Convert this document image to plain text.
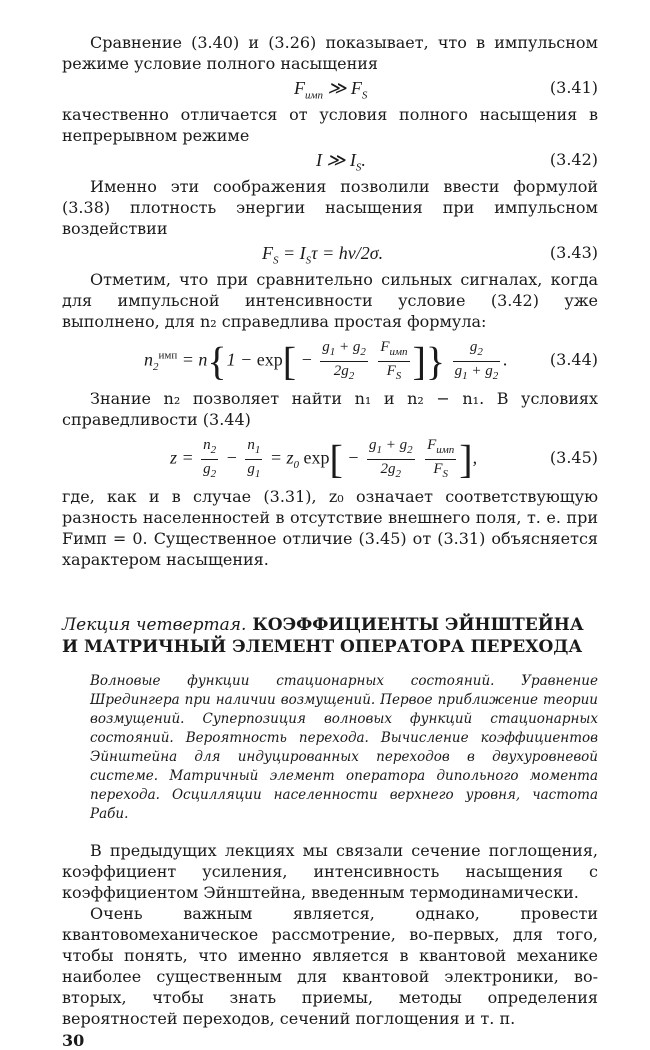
Сравнение (3.40) и (3.26) показывает, что в импульсном режиме условие полного насыщения

$F_{имп}$ ≫ $F_S$	(3.41)

качественно отличается от условия полного насыщения в непрерывном режиме

I ≫ $I_S$.	(3.42)

Именно эти соображения позволили ввести формулой (3.38) плотность энергии насыщения при импульсном воздействии

$F_S = I_S\tau = h\nu/2\sigma$.	(3.43)

Отметим, что при сравнительно сильных сигналах, когда для импульсной интенсивности условие (3.42) уже выполнено, для n₂ справедлива простая формула:

$n_2^{имп} = n\{1 - \exp[ - \frac{g_1 + g_2}{2g_2}$
$\frac{F_{имп}}{F_S}$ ]} $\frac{g_2}{g_1 + g_2}$ .	(3.44)

Знание n₂ позволяет найти n₁ и n₂ − n₁. В условиях справедливости (3.44)

$z = \frac{n_2}{g_2} - \frac{n_1}{g_1} = z_0$ $\exp[ - \frac{g_1 + g_2}{2g_2}$
$\frac{F_{имп}}{F_S}$ ],	(3.45)

где, как и в случае (3.31), z₀ означает соответствующую разность населенностей в отсутствие внешнего поля, т. е. при Fимп = 0. Существенное отличие (3.45) от (3.31) объясняется характером насыщения.

Лекция четвертая. КОЭФФИЦИЕНТЫ ЭЙНШТЕЙНА
И МАТРИЧНЫЙ ЭЛЕМЕНТ ОПЕРАТОРА ПЕРЕХОДА

Волновые функции стационарных состояний. Уравнение Шредингера при наличии возмущений. Первое приближение теории возмущений. Суперпозиция волновых функций стационарных состояний. Вероятность перехода. Вычисление коэффициентов Эйнштейна для индуцированных переходов в двухуровневой системе. Матричный элемент оператора дипольного момента перехода. Осцилляции населенности верхнего уровня, частота Раби.

В предыдущих лекциях мы связали сечение поглощения, коэффициент усиления, интенсивность насыщения с коэффициентом Эйнштейна, введенным термодинамически.

Очень важным является, однако, провести квантовомеханическое рассмотрение, во-первых, для того, чтобы понять, что именно является в квантовой механике наиболее существенным для квантовой электроники, во-вторых, чтобы знать приемы, методы определения вероятностей переходов, сечений поглощения и т. п.

30
